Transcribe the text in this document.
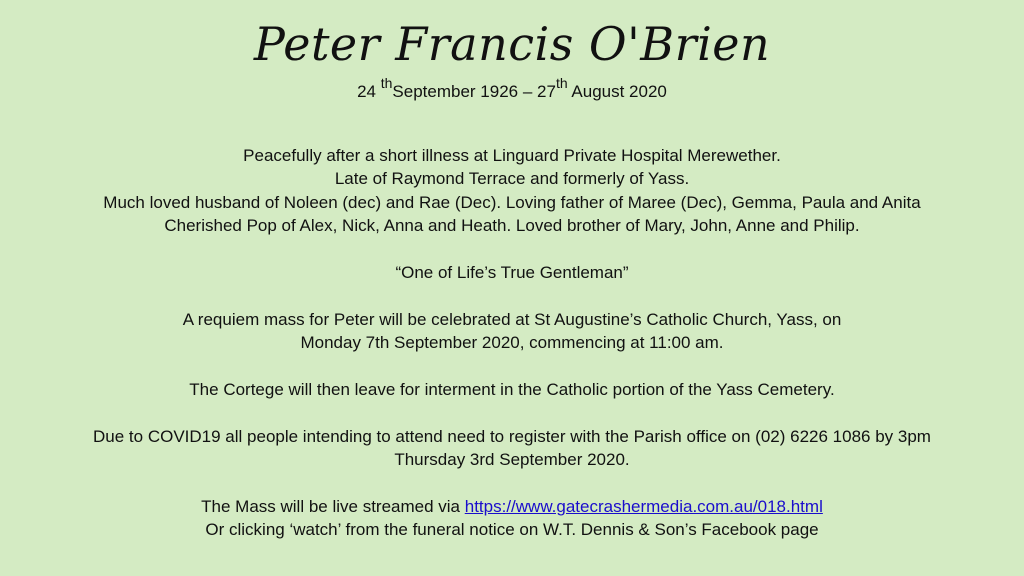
Peter Francis O'Brien
24 $^{th}$September 1926 – 27th August 2020
Peacefully after a short illness at Linguard Private Hospital Merewether.
Late of Raymond Terrace and formerly of Yass.
Much loved husband of Noleen (dec) and Rae (Dec). Loving father of Maree (Dec), Gemma, Paula and Anita
Cherished Pop of Alex, Nick, Anna and Heath. Loved brother of Mary, John, Anne and Philip.
“One of Life’s True Gentleman”
A requiem mass for Peter will be celebrated at St Augustine’s Catholic Church, Yass, on
Monday 7th September 2020, commencing at 11:00 am.
The Cortege will then leave for interment in the Catholic portion of the Yass Cemetery.
Due to COVID19 all people intending to attend need to register with the Parish office on (02) 6226 1086 by 3pm
Thursday 3rd September 2020.
The Mass will be live streamed via https://www.gatecrashermedia.com.au/018.html
Or clicking ‘watch’ from the funeral notice on W.T. Dennis & Son’s Facebook page
